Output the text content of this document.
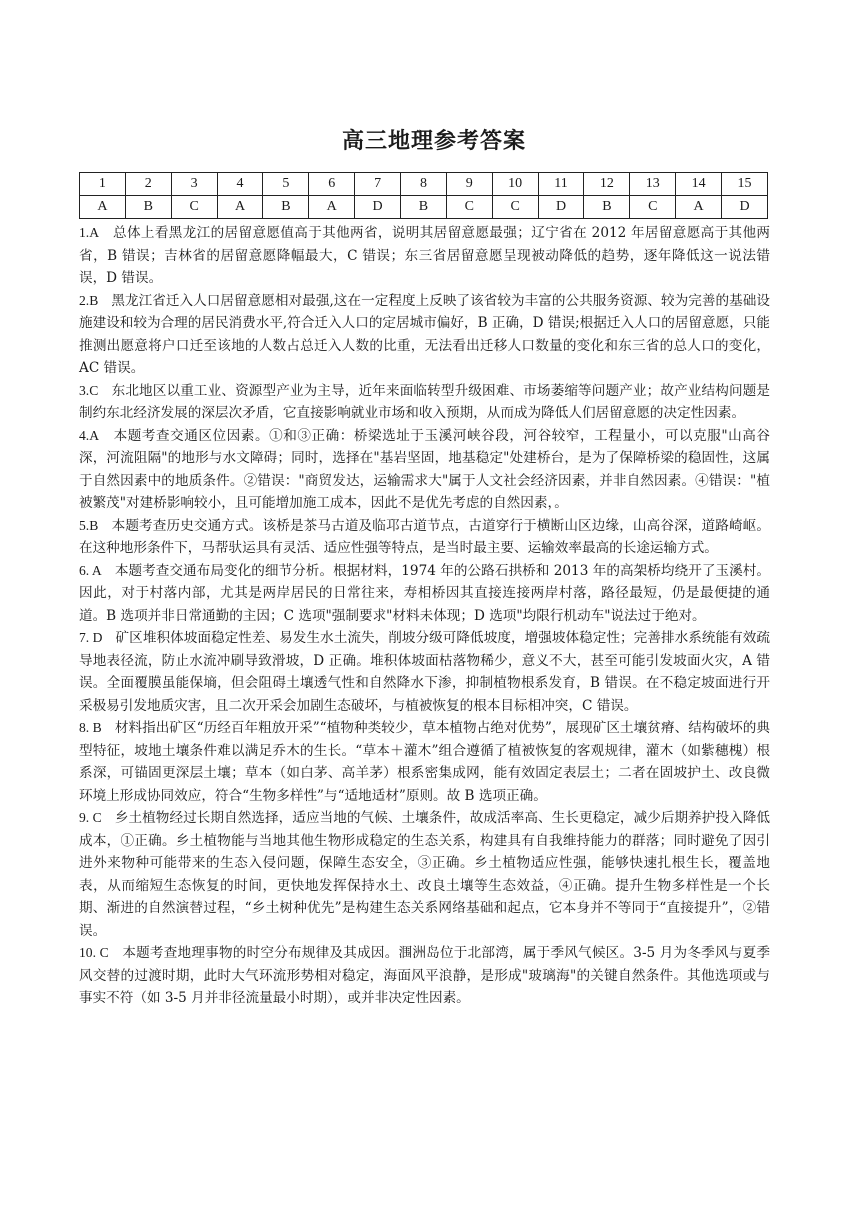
高三地理参考答案
1	2	3	4	5	6	7	8	9	10	11	12	13	14	15
A	B	C	A	B	A	D	B	C	C	D	B	C	A	D

1.A 总体上看黑龙江的居留意愿值高于其他两省，说明其居留意愿最强；辽宁省在 2012 年居留意愿高于其他两省，B 错误；吉林省的居留意愿降幅最大，C 错误；东三省居留意愿呈现被动降低的趋势，逐年降低这一说法错误，D 错误。

2.B 黑龙江省迁入人口居留意愿相对最强,这在一定程度上反映了该省较为丰富的公共服务资源、较为完善的基础设施建设和较为合理的居民消费水平,符合迁入人口的定居城市偏好，B 正确，D 错误;根据迁入人口的居留意愿，只能推测出愿意将户口迁至该地的人数占总迁入人数的比重，无法看出迁移人口数量的变化和东三省的总人口的变化，AC 错误。

3.C 东北地区以重工业、资源型产业为主导，近年来面临转型升级困难、市场萎缩等问题产业；故产业结构问题是制约东北经济发展的深层次矛盾，它直接影响就业市场和收入预期，从而成为降低人们居留意愿的决定性因素。

4.A 本题考查交通区位因素。①和③正确：桥梁选址于玉溪河峡谷段，河谷较窄，工程量小，可以克服"山高谷深，河流阻隔"的地形与水文障碍；同时，选择在"基岩坚固，地基稳定"处建桥台，是为了保障桥梁的稳固性，这属于自然因素中的地质条件。②错误："商贸发达，运输需求大"属于人文社会经济因素，并非自然因素。④错误："植被繁茂"对建桥影响较小，且可能增加施工成本，因此不是优先考虑的自然因素，。

5.B 本题考查历史交通方式。该桥是茶马古道及临邛古道节点，古道穿行于横断山区边缘，山高谷深，道路崎岖。在这种地形条件下，马帮驮运具有灵活、适应性强等特点，是当时最主要、运输效率最高的长途运输方式。

6. A 本题考查交通布局变化的细节分析。根据材料，1974 年的公路石拱桥和 2013 年的高架桥均绕开了玉溪村。因此，对于村落内部，尤其是两岸居民的日常往来，寿相桥因其直接连接两岸村落，路径最短，仍是最便捷的通道。B 选项并非日常通勤的主因；C 选项"强制要求"材料未体现；D 选项"均限行机动车"说法过于绝对。

7. D 矿区堆积体坡面稳定性差、易发生水土流失，削坡分级可降低坡度，增强坡体稳定性；完善排水系统能有效疏导地表径流，防止水流冲刷导致滑坡，D 正确。堆积体坡面枯落物稀少，意义不大，甚至可能引发坡面火灾，A 错误。全面覆膜虽能保墒，但会阻碍土壤透气性和自然降水下渗，抑制植物根系发育，B 错误。在不稳定坡面进行开采极易引发地质灾害，且二次开采会加剧生态破坏，与植被恢复的根本目标相冲突，C 错误。

8. B 材料指出矿区“历经百年粗放开采”“植物种类较少，草本植物占绝对优势”，展现矿区土壤贫瘠、结构破坏的典型特征，坡地土壤条件难以满足乔木的生长。“草本＋灌木”组合遵循了植被恢复的客观规律，灌木（如紫穗槐）根系深，可锚固更深层土壤；草本（如白茅、高羊茅）根系密集成网，能有效固定表层土；二者在固坡护土、改良微环境上形成协同效应，符合“生物多样性”与“适地适材”原则。故 B 选项正确。

9. C 乡土植物经过长期自然选择，适应当地的气候、土壤条件，故成活率高、生长更稳定，减少后期养护投入降低成本，①正确。乡土植物能与当地其他生物形成稳定的生态关系，构建具有自我维持能力的群落；同时避免了因引进外来物种可能带来的生态入侵问题，保障生态安全，③正确。乡土植物适应性强，能够快速扎根生长，覆盖地表，从而缩短生态恢复的时间，更快地发挥保持水土、改良土壤等生态效益，④正确。提升生物多样性是一个长期、渐进的自然演替过程，“乡土树种优先”是构建生态关系网络基础和起点，它本身并不等同于“直接提升”，②错误。

10. C 本题考查地理事物的时空分布规律及其成因。涠洲岛位于北部湾，属于季风气候区。3-5 月为冬季风与夏季风交替的过渡时期，此时大气环流形势相对稳定，海面风平浪静，是形成"玻璃海"的关键自然条件。其他选项或与事实不符（如 3-5 月并非径流量最小时期），或并非决定性因素。
